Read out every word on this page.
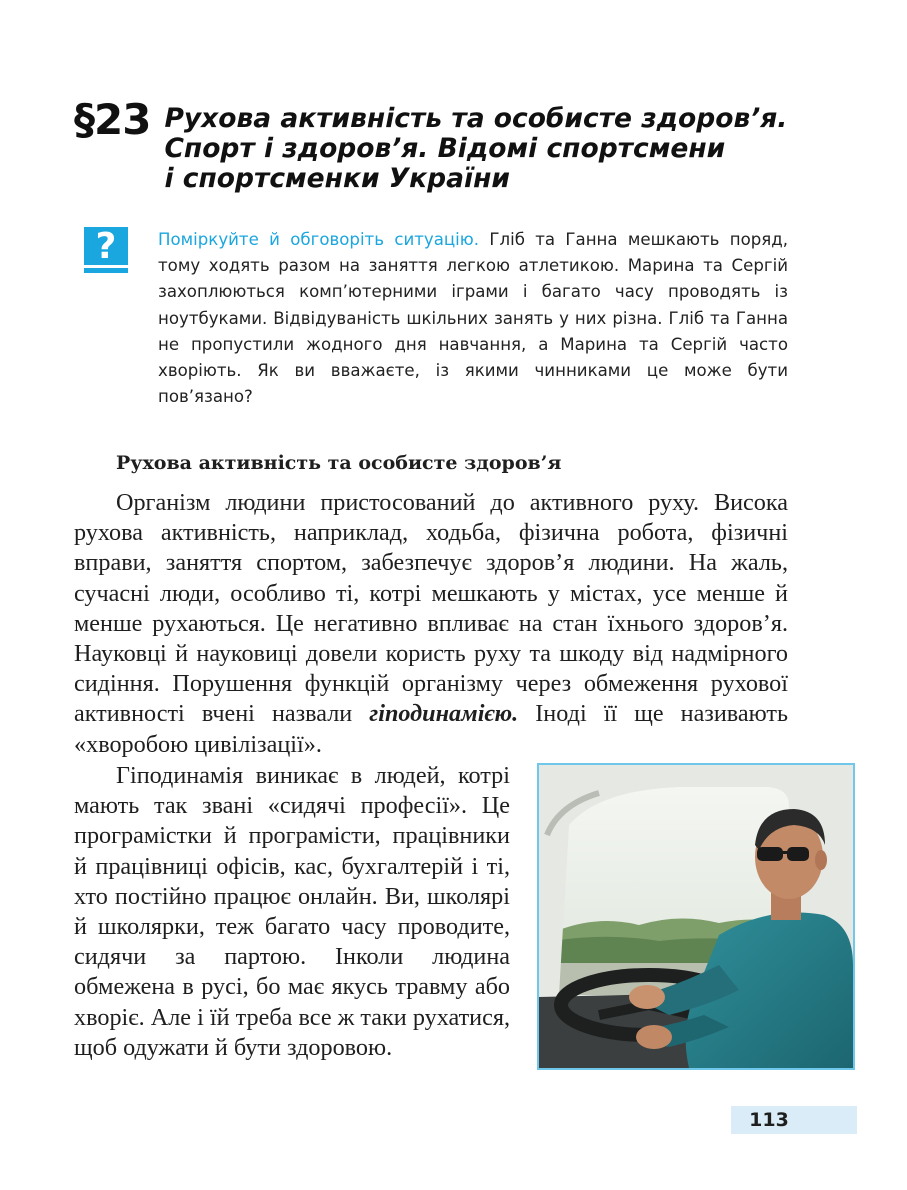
§23 Рухова активність та особисте здоров’я.
Спорт і здоров’я. Відомі спортсмени
і спортсменки України
?	Поміркуйте й обговоріть ситуацію. Гліб та Ганна мешкають поряд, тому ходять разом на заняття легкою атлетикою. Марина та Сергій захоплюються комп’ютерними іграми і багато часу проводять із ноутбуками. Відвідуваність шкільних занять у них різна. Гліб та Ганна не пропустили жодного дня навчання, а Марина та Сергій часто хворіють. Як ви вважаєте, із якими чинниками це може бути пов’язано?
Рухова активність та особисте здоров’я
Організм людини пристосований до активного руху. Висока рухова активність, наприклад, ходьба, фізична робота, фізичні вправи, заняття спортом, забезпечує здоров’я людини. На жаль, сучасні люди, особливо ті, котрі мешкають у містах, усе менше й менше рухаються. Це негативно впливає на стан їхнього здоров’я. Науковці й науковиці довели користь руху та шкоду від надмірного сидіння. Порушення функцій організму через обмеження рухової активності вчені назвали гіподинамією. Іноді її ще називають «хворобою цивілізації».
Гіподинамія виникає в людей, котрі мають так звані «сидячі професії». Це програмістки й програмісти, працівники й працівниці офісів, кас, бухгалтерій і ті, хто постійно працює онлайн. Ви, школярі й школярки, теж багато часу проводите, сидячи за партою. Інколи людина обмежена в русі, бо має якусь травму або хворіє. Але і їй треба все ж таки рухатися, щоб одужати й бути здоровою.
113
